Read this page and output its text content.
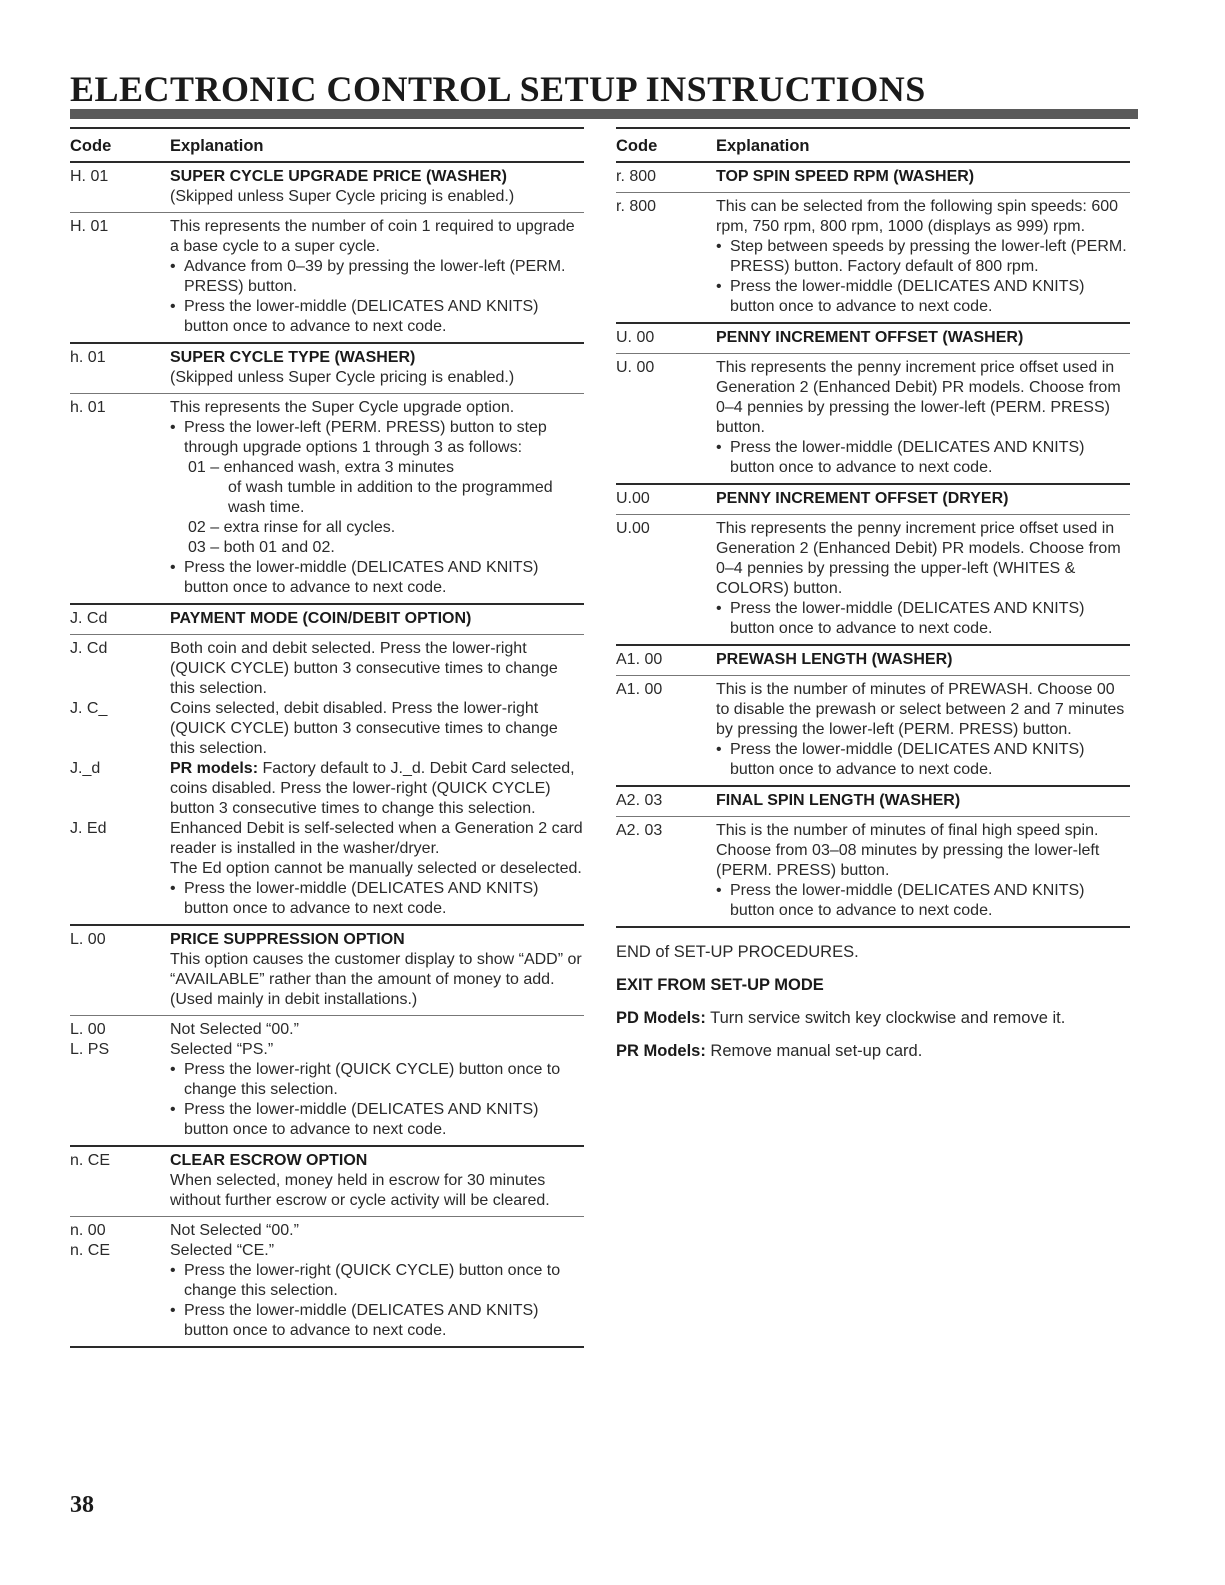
ELECTRONIC CONTROL SETUP INSTRUCTIONS
Code	Explanation
H. 01	SUPER CYCLE UPGRADE PRICE (WASHER)
(Skipped unless Super Cycle pricing is enabled.)
H. 01	This represents the number of coin 1 required to upgrade a base cycle to a super cycle.
• Advance from 0–39 by pressing the lower-left (PERM. PRESS) button.
• Press the lower-middle (DELICATES AND KNITS) button once to advance to next code.
h. 01	SUPER CYCLE TYPE (WASHER)
(Skipped unless Super Cycle pricing is enabled.)
h. 01	This represents the Super Cycle upgrade option.
• Press the lower-left (PERM. PRESS) button to step through upgrade options 1 through 3 as follows:
01 – enhanced wash, extra 3 minutes
of wash tumble in addition to the programmed wash time.
02 – extra rinse for all cycles.
03 – both 01 and 02.
• Press the lower-middle (DELICATES AND KNITS) button once to advance to next code.
J. Cd	PAYMENT MODE (COIN/DEBIT OPTION)
J. Cd	Both coin and debit selected. Press the lower-right (QUICK CYCLE) button 3 consecutive times to change this selection.
J. C_	Coins selected, debit disabled. Press the lower-right (QUICK CYCLE) button 3 consecutive times to change this selection.
J._d	PR models: Factory default to J._d. Debit Card selected, coins disabled. Press the lower-right (QUICK CYCLE) button 3 consecutive times to change this selection.
J. Ed	Enhanced Debit is self-selected when a Generation 2 card reader is installed in the washer/dryer.
The Ed option cannot be manually selected or deselected.
• Press the lower-middle (DELICATES AND KNITS) button once to advance to next code.
L. 00	PRICE SUPPRESSION OPTION
This option causes the customer display to show “ADD” or “AVAILABLE” rather than the amount of money to add. (Used mainly in debit installations.)
L. 00	Not Selected “00.”
L. PS	Selected “PS.”
• Press the lower-right (QUICK CYCLE) button once to change this selection.
• Press the lower-middle (DELICATES AND KNITS) button once to advance to next code.
n. CE	CLEAR ESCROW OPTION
When selected, money held in escrow for 30 minutes without further escrow or cycle activity will be cleared.
n. 00	Not Selected “00.”
n. CE	Selected “CE.”
• Press the lower-right (QUICK CYCLE) button once to change this selection.
• Press the lower-middle (DELICATES AND KNITS) button once to advance to next code.
Code	Explanation
r. 800	TOP SPIN SPEED RPM (WASHER)
r. 800	This can be selected from the following spin speeds: 600 rpm, 750 rpm, 800 rpm, 1000 (displays as 999) rpm.
• Step between speeds by pressing the lower-left (PERM. PRESS) button. Factory default of 800 rpm.
• Press the lower-middle (DELICATES AND KNITS) button once to advance to next code.
U. 00	PENNY INCREMENT OFFSET (WASHER)
U. 00	This represents the penny increment price offset used in Generation 2 (Enhanced Debit) PR models. Choose from 0–4 pennies by pressing the lower-left (PERM. PRESS) button.
• Press the lower-middle (DELICATES AND KNITS) button once to advance to next code.
U.00	PENNY INCREMENT OFFSET (DRYER)
U.00	This represents the penny increment price offset used in Generation 2 (Enhanced Debit) PR models. Choose from 0–4 pennies by pressing the upper-left (WHITES & COLORS) button.
• Press the lower-middle (DELICATES AND KNITS) button once to advance to next code.
A1. 00	PREWASH LENGTH (WASHER)
A1. 00	This is the number of minutes of PREWASH. Choose 00 to disable the prewash or select between 2 and 7 minutes by pressing the lower-left (PERM. PRESS) button.
• Press the lower-middle (DELICATES AND KNITS) button once to advance to next code.
A2. 03	FINAL SPIN LENGTH (WASHER)
A2. 03	This is the number of minutes of final high speed spin. Choose from 03–08 minutes by pressing the lower-left (PERM. PRESS) button.
• Press the lower-middle (DELICATES AND KNITS) button once to advance to next code.

END of SET-UP PROCEDURES.

EXIT FROM SET-UP MODE

PD Models: Turn service switch key clockwise and remove it.

PR Models: Remove manual set-up card.

38
